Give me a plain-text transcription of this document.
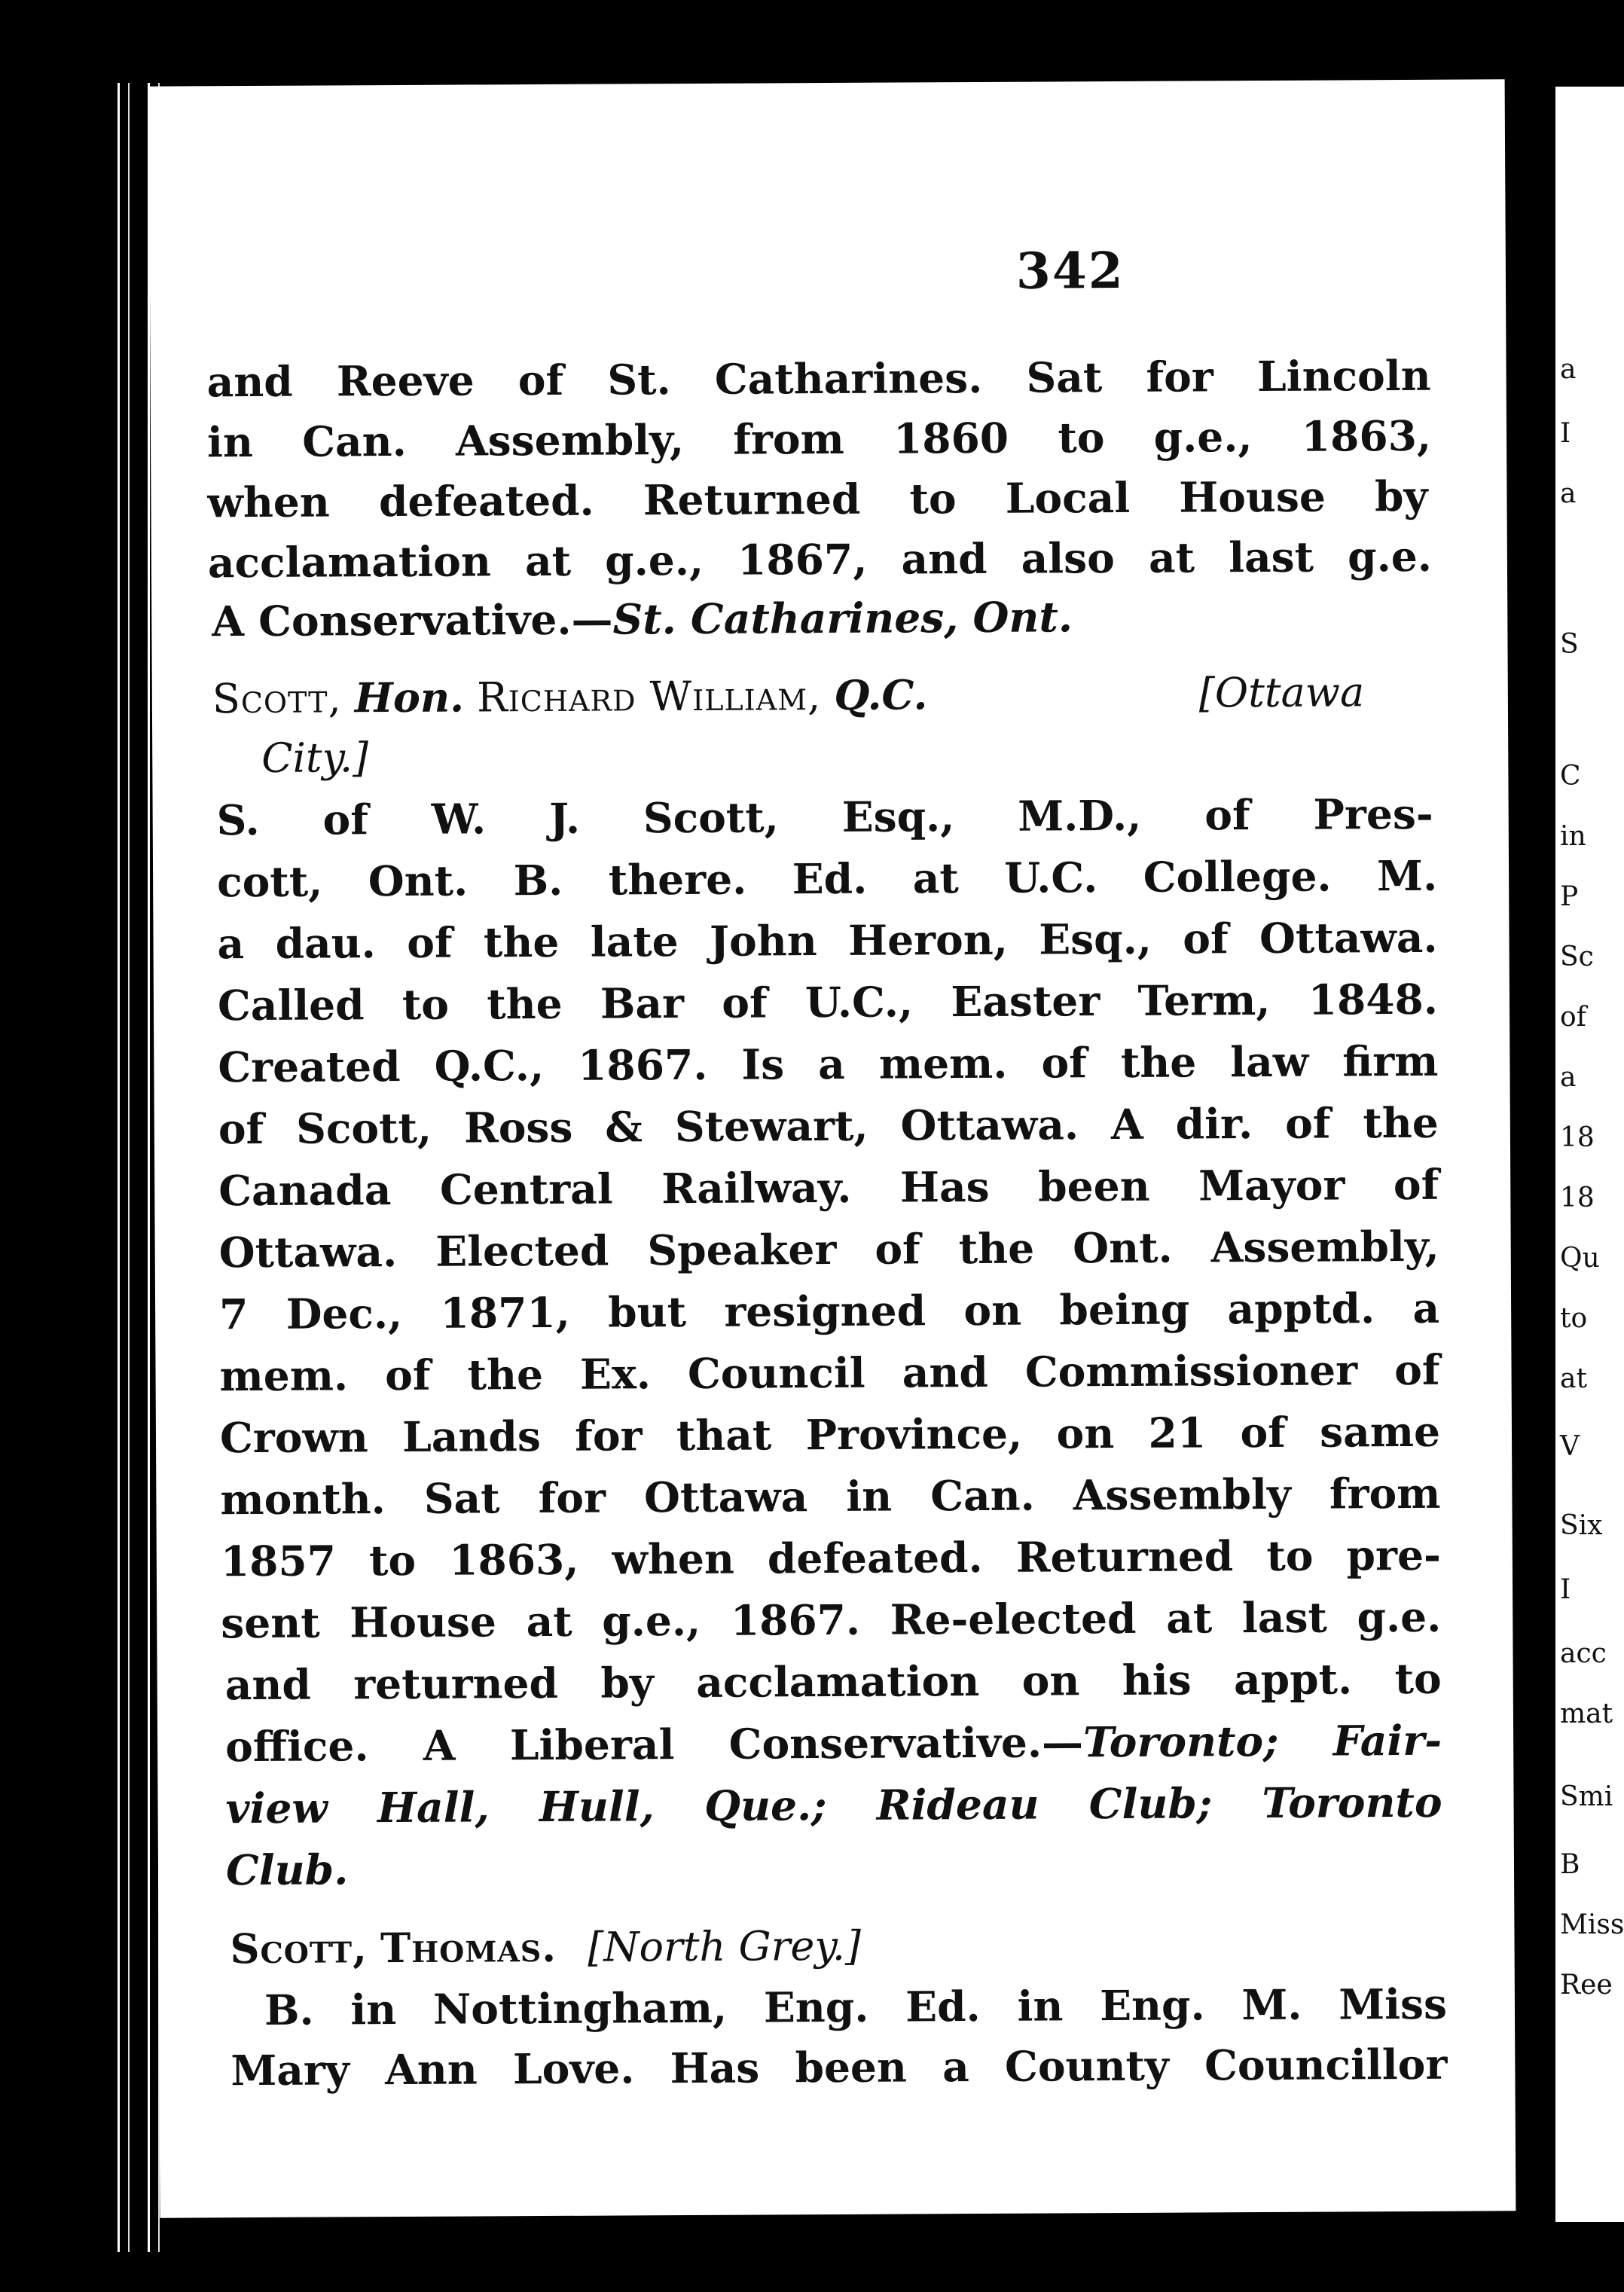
342
and Reeve of St. Catharines. Sat for Lincoln
in Can. Assembly, from 1860 to g.e., 1863,
when defeated. Returned to Local House by
acclamation at g.e., 1867, and also at last g.e.
A Conservative.—St. Catharines, Ont.
Scott, Hon. Richard William, Q.C.	[Ottawa
City.]
S. of W. J. Scott, Esq., M.D., of Pres-
cott, Ont. B. there. Ed. at U.C. College. M.
a dau. of the late John Heron, Esq., of Ottawa.
Called to the Bar of U.C., Easter Term, 1848.
Created Q.C., 1867. Is a mem. of the law firm
of Scott, Ross & Stewart, Ottawa. A dir. of the
Canada Central Railway. Has been Mayor of
Ottawa. Elected Speaker of the Ont. Assembly,
7 Dec., 1871, but resigned on being apptd. a
mem. of the Ex. Council and Commissioner of
Crown Lands for that Province, on 21 of same
month. Sat for Ottawa in Can. Assembly from
1857 to 1863, when defeated. Returned to pre-
sent House at g.e., 1867. Re-elected at last g.e.
and returned by acclamation on his appt. to
office. A Liberal Conservative.—Toronto; Fair-
view Hall, Hull, Que.; Rideau Club; Toronto
Club.
Scott, Thomas. [North Grey.]
B. in Nottingham, Eng. Ed. in Eng. M. Miss
Mary Ann Love. Has been a County Councillor
a
I
a
S
C
in
P
Sc
of
a
18
18
Qu
to
at
V
Six
I
acc
mat
Smi
B
Miss
Ree
